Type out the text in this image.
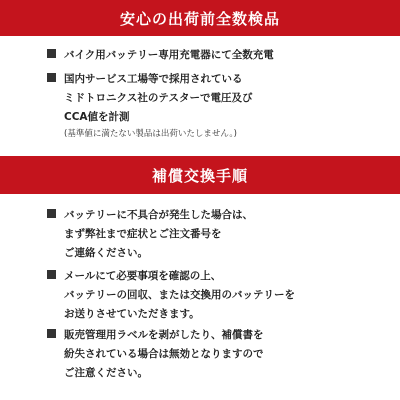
安心の出荷前全数検品
バイク用バッテリー専用充電器にて全数充電
国内サービス工場等で採用されている
ミドトロニクス社のテスターで電圧及び
CCA値を計測
(基準値に満たない製品は出荷いたしません。)
補償交換手順
バッテリーに不具合が発生した場合は、
まず弊社まで症状とご注文番号を
ご連絡ください。
メールにて必要事項を確認の上、
バッテリーの回収、または交換用のバッテリーを
お送りさせていただきます。
販売管理用ラベルを剥がしたり、補償書を
紛失されている場合は無効となりますので
ご注意ください。
